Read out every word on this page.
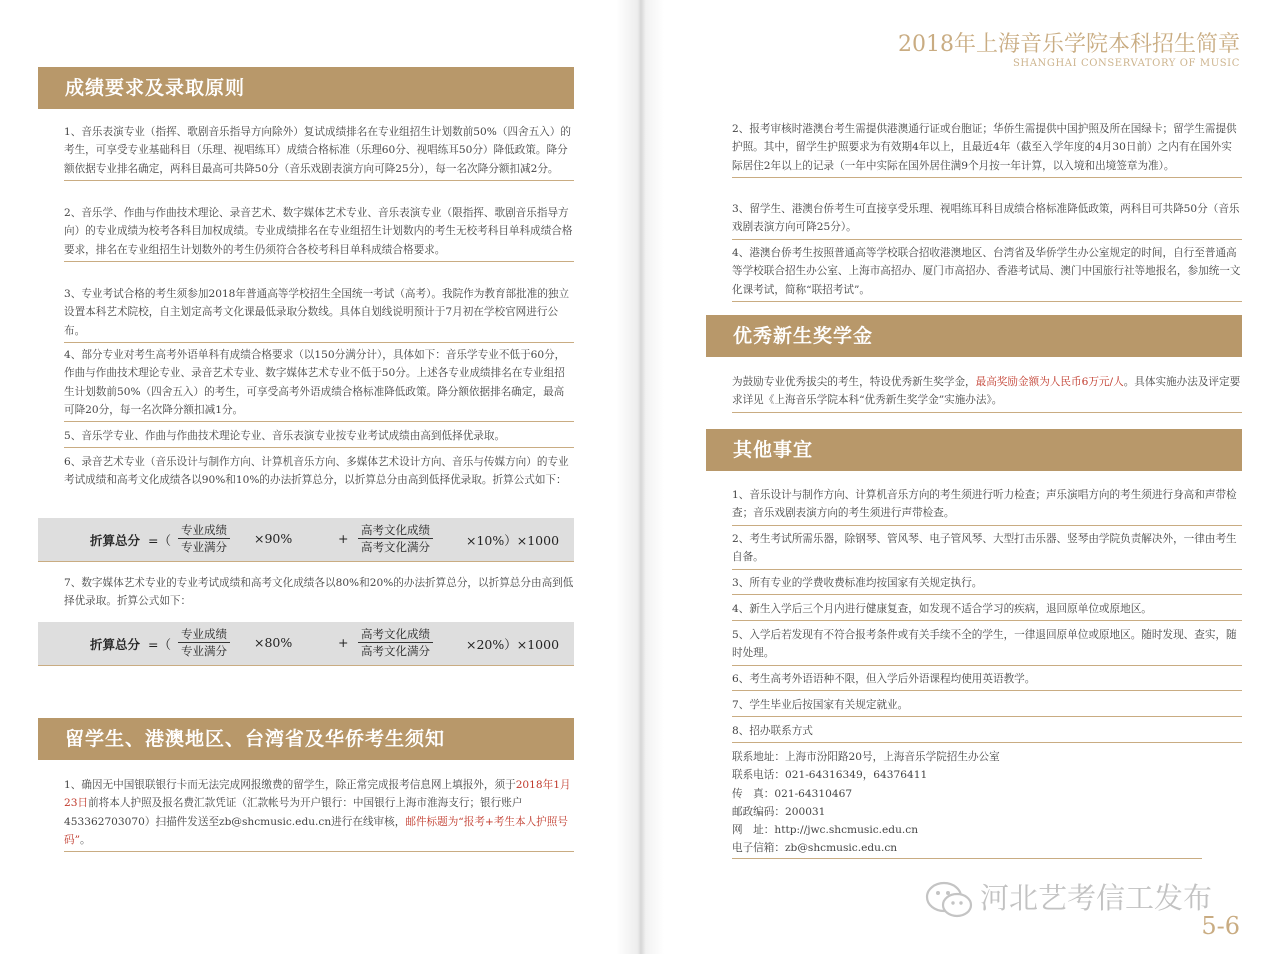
成绩要求及录取原则
1、音乐表演专业（指挥、歌剧音乐指导方向除外）复试成绩排名在专业组招生计划数前50%（四舍五入）的考生，可享受专业基础科目（乐理、视唱练耳）成绩合格标准（乐理60分、视唱练耳50分）降低政策。降分额依据专业排名确定，两科目最高可共降50分（音乐戏剧表演方向可降25分），每一名次降分额扣减2分。
2、音乐学、作曲与作曲技术理论、录音艺术、数字媒体艺术专业、音乐表演专业（限指挥、歌剧音乐指导方向）的专业成绩为校考各科目加权成绩。专业成绩排名在专业组招生计划数内的考生无校考科目单科成绩合格要求，排名在专业组招生计划数外的考生仍须符合各校考科目单科成绩合格要求。
3、专业考试合格的考生须参加2018年普通高等学校招生全国统一考试（高考）。我院作为教育部批准的独立设置本科艺术院校，自主划定高考文化课最低录取分数线。具体自划线说明预计于7月初在学校官网进行公布。
4、部分专业对考生高考外语单科有成绩合格要求（以150分满分计），具体如下：音乐学专业不低于60分，作曲与作曲技术理论专业、录音艺术专业、数字媒体艺术专业不低于50分。上述各专业成绩排名在专业组招生计划数前50%（四舍五入）的考生，可享受高考外语成绩合格标准降低政策。降分额依据排名确定，最高可降20分，每一名次降分额扣减1分。
5、音乐学专业、作曲与作曲技术理论专业、音乐表演专业按专业考试成绩由高到低择优录取。
6、录音艺术专业（音乐设计与制作方向、计算机音乐方向、多媒体艺术设计方向、音乐与传媒方向）的专业考试成绩和高考文化成绩各以90%和10%的办法折算总分，以折算总分由高到低择优录取。折算公式如下：
折算总分 =（
专业成绩
专业满分
×90%	+
高考文化成绩
高考文化满分	×10%）×1000
7、数字媒体艺术专业的专业考试成绩和高考文化成绩各以80%和20%的办法折算总分，以折算总分由高到低择优录取。折算公式如下：
折算总分 =（
专业成绩
专业满分
×80%	+
高考文化成绩
高考文化满分	×20%）×1000
留学生、港澳地区、台湾省及华侨考生须知
1、确因无中国银联银行卡而无法完成网报缴费的留学生，除正常完成报考信息网上填报外，须于2018年1月23日前将本人护照及报名费汇款凭证（汇款帐号为开户银行：中国银行上海市淮海支行；银行账户453362703070）扫描件发送至zb@shcmusic.edu.cn进行在线审核，邮件标题为“报考+考生本人护照号码”。
2018年上海音乐学院本科招生简章
SHANGHAI CONSERVATORY OF MUSIC
2、报考审核时港澳台考生需提供港澳通行证或台胞证；华侨生需提供中国护照及所在国绿卡；留学生需提供护照。其中，留学生护照要求为有效期4年以上，且最近4年（截至入学年度的4月30日前）之内有在国外实际居住2年以上的记录（一年中实际在国外居住满9个月按一年计算，以入境和出境签章为准）。
3、留学生、港澳台侨考生可直接享受乐理、视唱练耳科目成绩合格标准降低政策，两科目可共降50分（音乐戏剧表演方向可降25分）。
4、港澳台侨考生按照普通高等学校联合招收港澳地区、台湾省及华侨学生办公室规定的时间，自行至普通高等学校联合招生办公室、上海市高招办、厦门市高招办、香港考试局、澳门中国旅行社等地报名，参加统一文化课考试，简称“联招考试”。
优秀新生奖学金
为鼓励专业优秀拔尖的考生，特设优秀新生奖学金，最高奖励金额为人民币6万元/人。具体实施办法及评定要求详见《上海音乐学院本科“优秀新生奖学金”实施办法》。
其他事宜
1、音乐设计与制作方向、计算机音乐方向的考生须进行听力检查；声乐演唱方向的考生须进行身高和声带检查；音乐戏剧表演方向的考生须进行声带检查。
2、考生考试所需乐器，除钢琴、管风琴、电子管风琴、大型打击乐器、竖琴由学院负责解决外，一律由考生自备。
3、所有专业的学费收费标准均按国家有关规定执行。
4、新生入学后三个月内进行健康复查，如发现不适合学习的疾病，退回原单位或原地区。
5、入学后若发现有不符合报考条件或有关手续不全的学生，一律退回原单位或原地区。随时发现、查实，随时处理。
6、考生高考外语语种不限，但入学后外语课程均使用英语教学。
7、学生毕业后按国家有关规定就业。
8、招办联系方式
联系地址：上海市汾阳路20号，上海音乐学院招生办公室
联系电话：021-64316349，64376411
传　真：021-64310467
邮政编码：200031
网　址：http://jwc.shcmusic.edu.cn
电子信箱：zb@shcmusic.edu.cn
5-6
河北艺考信工发布
